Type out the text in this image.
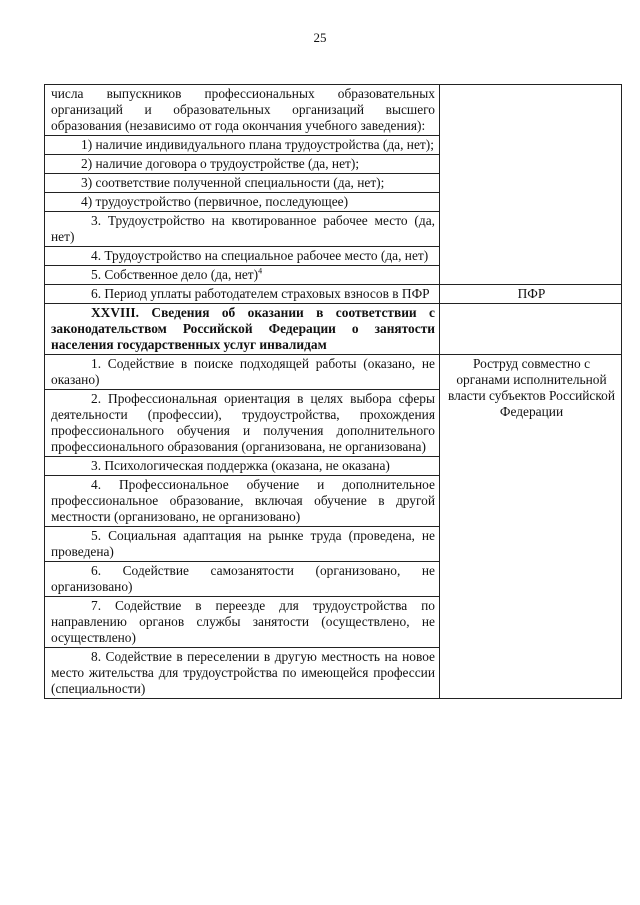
25
числа выпускников профессиональных образовательных организаций и образовательных организаций высшего образования (независимо от года окончания учебного заведения):	

1) наличие индивидуального плана трудоустройства (да, нет);	
2) наличие договора о трудоустройстве (да, нет);	
3) соответствие полученной специальности (да, нет);	
4) трудоустройство (первичное, последующее)	
3. Трудоустройство на квотированное рабочее место (да, нет)	
4. Трудоустройство на специальное рабочее место (да, нет)	
5. Собственное дело (да, нет)$^4$
6. Период уплаты работодателем страховых взносов в ПФР	ПФР
XXVIII. Сведения об оказании в соответствии с законодательством Российской Федерации о занятости населения государственных услуг инвалидам	
1. Содействие в поиске подходящей работы (оказано, не оказано)	Роструд совместно с органами исполнительной власти субъектов Российской Федерации
2. Профессиональная ориентация в целях выбора сферы деятельности (профессии), трудоустройства, прохождения профессионального обучения и получения дополнительного профессионального образования (организована, не организована)	
3. Психологическая поддержка (оказана, не оказана)	
4. Профессиональное обучение и дополнительное профессиональное образование, включая обучение в другой местности (организовано, не организовано)	
5. Социальная адаптация на рынке труда (проведена, не проведена)	
6. Содействие самозанятости (организовано, не организовано)	
7. Содействие в переезде для трудоустройства по направлению органов службы занятости (осуществлено, не осуществлено)	
8. Содействие в переселении в другую местность на новое место жительства для трудоустройства по имеющейся профессии (специальности)	
